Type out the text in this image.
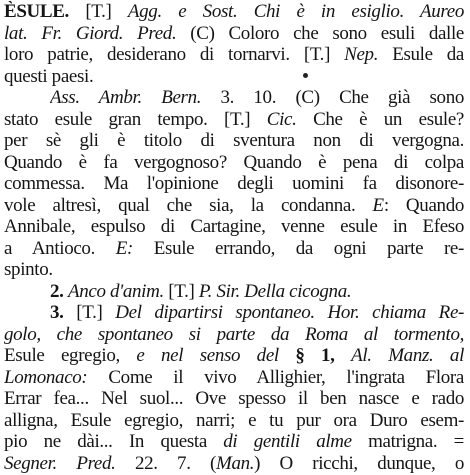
ÈSULE. [T.] Agg. e Sost. Chi è in esiglio. Aureo
lat. Fr. Giord. Pred. (C) Coloro che sono esuli dalle
loro patrie, desiderano di tornarvi. [T.] Nep. Esule da
questi paesi.
Ass. Ambr. Bern. 3. 10. (C) Che già sono
stato esule gran tempo. [T.] Cic. Che è un esule?
per sè gli è titolo di sventura non di vergogna.
Quando è fa vergognoso? Quando è pena di colpa
commessa. Ma l'opinione degli uomini fa disonore-
vole altresì, qual che sia, la condanna. E: Quando
Annibale, espulso di Cartagine, venne esule in Efeso
a Antioco. E: Esule errando, da ogni parte re-
spinto.
2. Anco d'anim. [T.] P. Sir. Della cicogna.
3. [T.] Del dipartirsi spontaneo. Hor. chiama Re-
golo, che spontaneo si parte da Roma al tormento,
Esule egregio, e nel senso del § 1, Al. Manz. al
Lomonaco: Come il vivo Allighier, l'ingrata Flora
Errar fea... Nel suol... Ove spesso il ben nasce e rado
alligna, Esule egregio, narri; e tu pur ora Duro esem-
pio ne dài... In questa di gentili alme matrigna. =
Segner. Pred. 22. 7. (Man.) O ricchi, dunque, o
